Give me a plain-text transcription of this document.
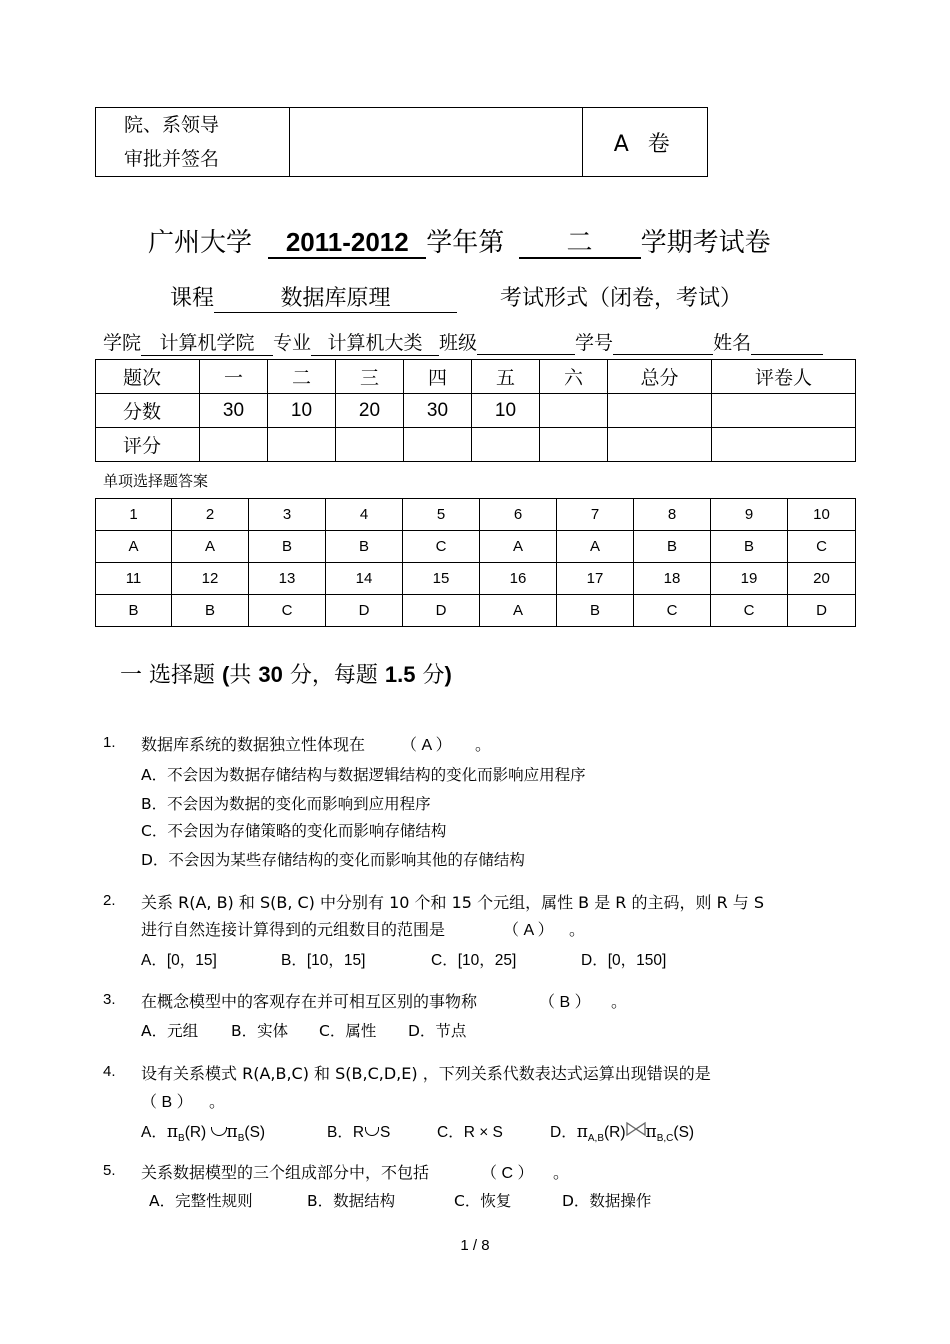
院、系领导
审批并签名
		A 卷
广州大学 2011-2012 学年第 二 学期考试卷
课程	数据库原理	考试形式（闭卷，考试）
学院 计算机学院 专业 计算机大类 班级	学号	姓名
题次	一	二	三	四	五	六	总分	评卷人
分数	30	10	20	30	10			
评分								
单项选择题答案
1	2	3	4	5	6	7	8	9	10
A	A	B	B	C	A	A	B	B	C
11	12	13	14	15	16	17	18	19	20
B	B	C	D	D	A	B	C	C	D
一 选择题 (共 30 分，每题 1.5 分)
1. 数据库系统的数据独立性体现在 （ A ） 。
A．不会因为数据存储结构与数据逻辑结构的变化而影响应用程序
B．不会因为数据的变化而影响到应用程序
C．不会因为存储策略的变化而影响存储结构
D．不会因为某些存储结构的变化而影响其他的存储结构
2. 关系 R(A, B) 和 S(B, C) 中分别有 10 个和 15 个元组，属性 B 是 R 的主码，则 R 与 S
进行自然连接计算得到的元组数目的范围是	（ A ） 。
A．[0，15]	B．[10，15]	C．[10，25]	D．[0，150]
3. 在概念模型中的客观存在并可相互区别的事物称	（ B ） 。
A．元组 B．实体 C．属性 D．节点
4. 设有关系模式 R(A,B,C) 和 S(B,C,D,E) ，下列关系代数表达式运算出现错误的是
（ B ） 。
A．$\pi_B(R)$ $\pi_B(S)$	B．R S	C．R × S	D．$\pi_{A,B}(R)$ $\pi_{B,C}(S)$
5. 关系数据模型的三个组成部分中，不包括	（ C ） 。
A．完整性规则	B．数据结构	C．恢复	D．数据操作
1 / 8
